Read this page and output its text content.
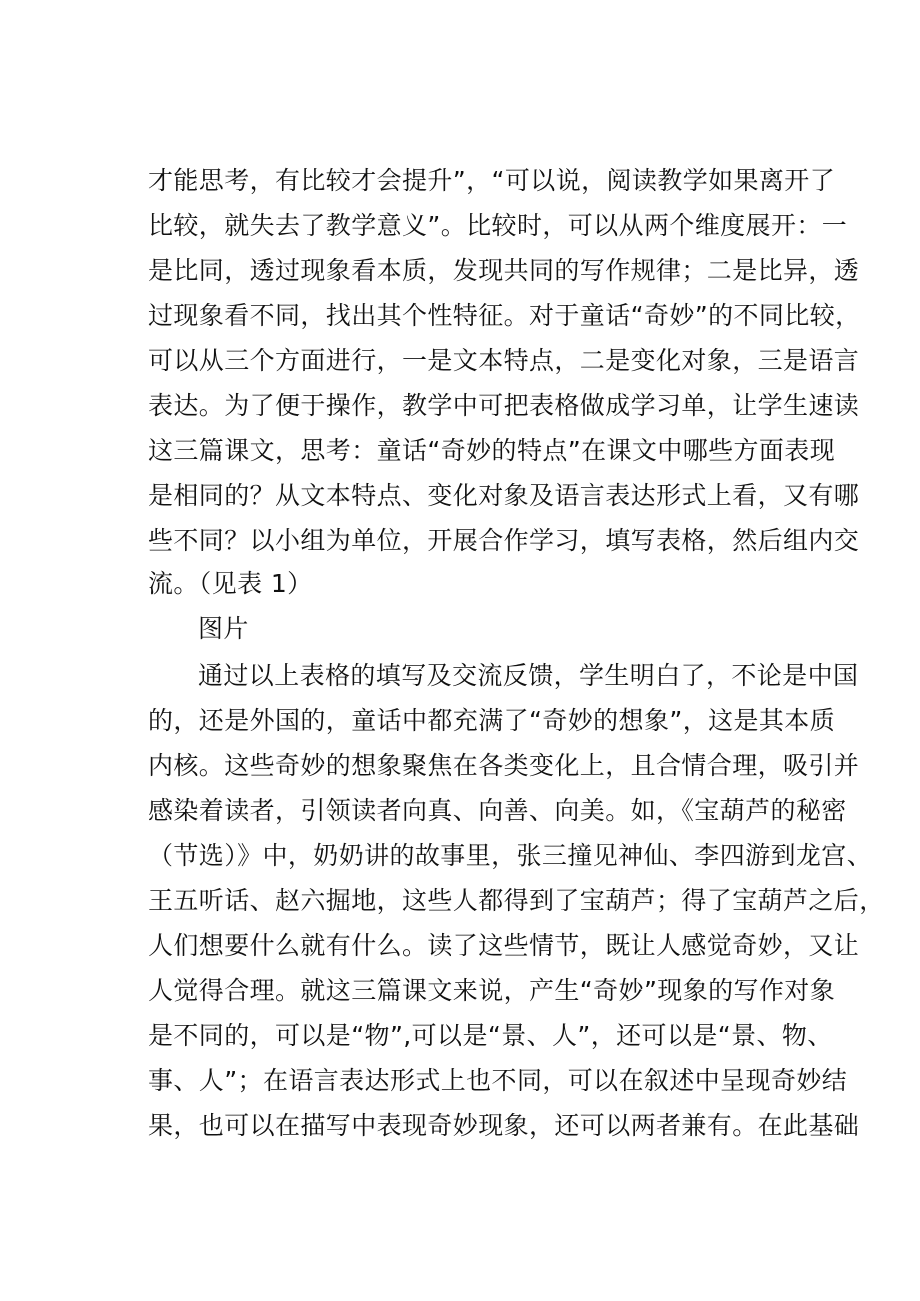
才能思考，有比较才会提升”，“可以说，阅读教学如果离开了
比较，就失去了教学意义”。比较时，可以从两个维度展开：一
是比同，透过现象看本质，发现共同的写作规律；二是比异，透
过现象看不同，找出其个性特征。对于童话“奇妙”的不同比较，
可以从三个方面进行，一是文本特点，二是变化对象，三是语言
表达。为了便于操作，教学中可把表格做成学习单，让学生速读
这三篇课文，思考：童话“奇妙的特点”在课文中哪些方面表现
是相同的？从文本特点、变化对象及语言表达形式上看，又有哪
些不同？以小组为单位，开展合作学习，填写表格，然后组内交
流。（见表 1）
图片
通过以上表格的填写及交流反馈，学生明白了，不论是中国
的，还是外国的，童话中都充满了“奇妙的想象”，这是其本质
内核。这些奇妙的想象聚焦在各类变化上，且合情合理，吸引并
感染着读者，引领读者向真、向善、向美。如，《宝葫芦的秘密
（节选）》中，奶奶讲的故事里，张三撞见神仙、李四游到龙宫、
王五听话、赵六掘地，这些人都得到了宝葫芦；得了宝葫芦之后，
人们想要什么就有什么。读了这些情节，既让人感觉奇妙，又让
人觉得合理。就这三篇课文来说，产生“奇妙”现象的写作对象
是不同的，可以是“物”,可以是“景、人”，还可以是“景、物、
事、人”；在语言表达形式上也不同，可以在叙述中呈现奇妙结
果，也可以在描写中表现奇妙现象，还可以两者兼有。在此基础
